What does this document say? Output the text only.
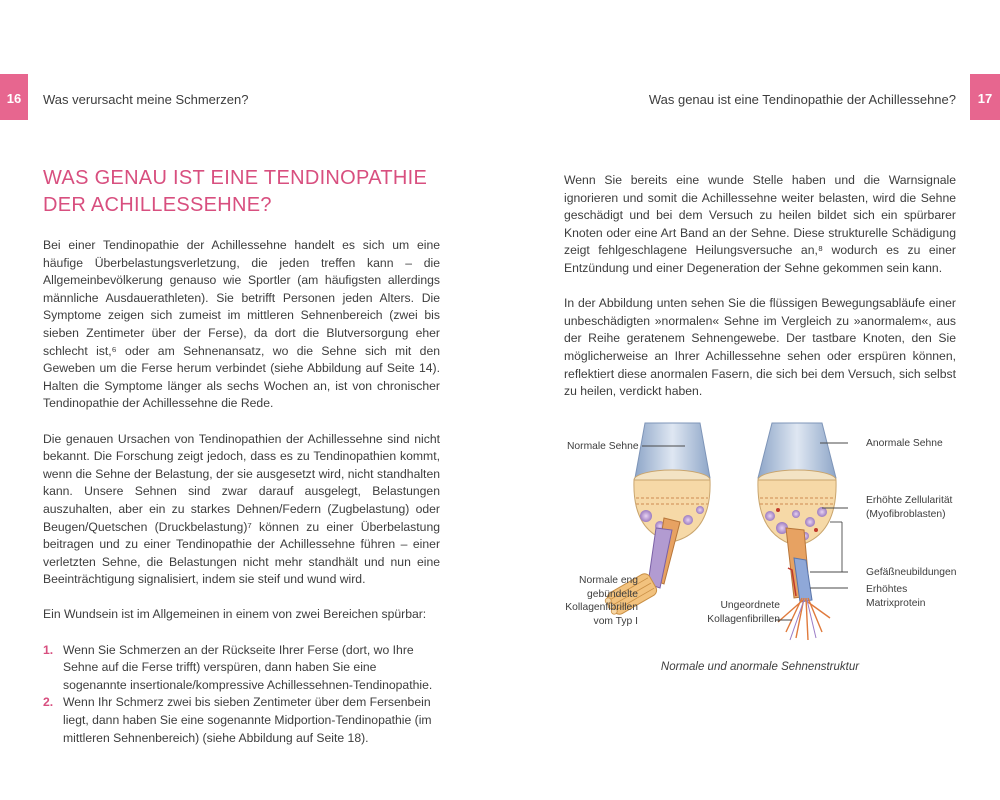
16 Was verursacht meine Schmerzen?	Was genau ist eine Tendinopathie der Achillessehne? 17
WAS GENAU IST EINE TENDINOPATHIE
DER ACHILLESSEHNE?

Bei einer Tendinopathie der Achillessehne handelt es sich um eine häufige Überbelastungsverletzung, die jeden treffen kann – die Allgemeinbevölkerung genauso wie Sportler (am häufigsten allerdings männliche Ausdauerathleten). Sie betrifft Personen jeden Alters. Die Symptome zeigen sich zumeist im mittleren Sehnenbereich (zwei bis sieben Zentimeter über der Ferse), da dort die Blutversorgung eher schlecht ist,⁶ oder am Sehnenansatz, wo die Sehne sich mit den Geweben um die Ferse herum verbindet (siehe Abbildung auf Seite 14). Halten die Symptome länger als sechs Wochen an, ist von chronischer Tendinopathie der Achillessehne die Rede.

Die genauen Ursachen von Tendinopathien der Achillessehne sind nicht bekannt. Die Forschung zeigt jedoch, dass es zu Tendinopathien kommt, wenn die Sehne der Belastung, der sie ausgesetzt wird, nicht standhalten kann. Unsere Sehnen sind zwar darauf ausgelegt, Belastungen auszuhalten, aber ein zu starkes Dehnen/Federn (Zugbelastung) oder Beugen/Quetschen (Druckbelastung)⁷ können zu einer Überbelastung beitragen und zu einer Tendinopathie der Achillessehne führen – einer verletzten Sehne, die Belastungen nicht mehr standhält und nun eine Beeinträchtigung signalisiert, indem sie steif und wund wird.

Ein Wundsein ist im Allgemeinen in einem von zwei Bereichen spürbar:

1. Wenn Sie Schmerzen an der Rückseite Ihrer Ferse (dort, wo Ihre Sehne auf die Ferse trifft) verspüren, dann haben Sie eine sogenannte insertionale/kompressive Achillessehnen-Tendinopathie.
2. Wenn Ihr Schmerz zwei bis sieben Zentimeter über dem Fersenbein liegt, dann haben Sie eine sogenannte Midportion-Tendinopathie (im mittleren Sehnenbereich) (siehe Abbildung auf Seite 18).

Wenn Sie bereits eine wunde Stelle haben und die Warnsignale ignorieren und somit die Achillessehne weiter belasten, wird die Sehne geschädigt und bei dem Versuch zu heilen bildet sich ein spürbarer Knoten oder eine Art Band an der Sehne. Diese strukturelle Schädigung zeigt fehlgeschlagene Heilungsversuche an,⁸ wodurch es zu einer Entzündung und einer Degeneration der Sehne gekommen sein kann.

In der Abbildung unten sehen Sie die flüssigen Bewegungsabläufe einer unbeschädigten »normalen« Sehne im Vergleich zu »anormalem«, aus der Reihe geratenem Sehnengewebe. Der tastbare Knoten, den Sie möglicherweise an Ihrer Achillessehne sehen oder erspüren können, reflektiert diese anormalen Fasern, die sich bei dem Versuch, sich selbst zu heilen, verdickt haben.

Normale Sehne	Anormale Sehne
Erhöhte Zellularität
(Myofibroblasten)
Gefäßneubildungen
Erhöhtes
Matrixprotein
Normale eng
gebündelte
Kollagenfibrillen
vom Typ I
Ungeordnete
Kollagenfibrillen
Normale und anormale Sehnenstruktur
